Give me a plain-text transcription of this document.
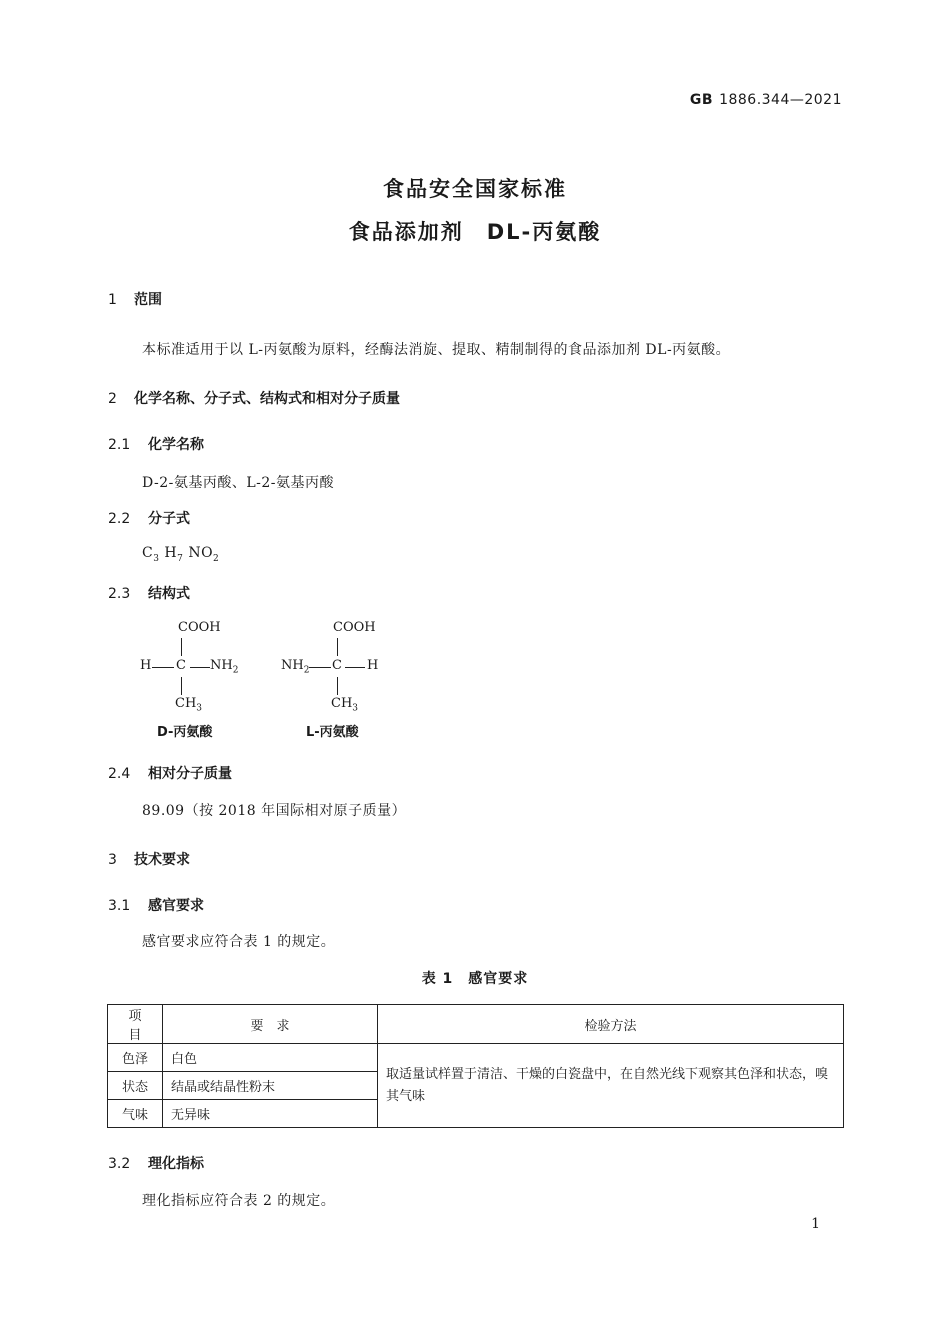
GB 1886.344—2021
食品安全国家标准
食品添加剂　DL-丙氨酸
1 范围
本标准适用于以 L-丙氨酸为原料，经酶法消旋、提取、精制制得的食品添加剂 DL-丙氨酸。
2 化学名称、分子式、结构式和相对分子质量
2.1 化学名称
D-2-氨基丙酸、L-2-氨基丙酸
2.2 分子式
$C_3$ $H_7$ $NO_2$
2.3 结构式
COOH
H C $NH_2$
$CH_3$
D-丙氨酸
COOH
$NH_2$ C H
$CH_3$
L-丙氨酸
2.4 相对分子质量
89.09（按 2018 年国际相对原子质量）
3 技术要求
3.1 感官要求
感官要求应符合表 1 的规定。
表 1　感官要求
项　目	要　求	检验方法
色泽	白色	取适量试样置于清洁、干燥的白瓷盘中，在自然光线下观察其色泽和状态，嗅其气味
状态	结晶或结晶性粉末	
气味	无异味	
3.2 理化指标
理化指标应符合表 2 的规定。
1
